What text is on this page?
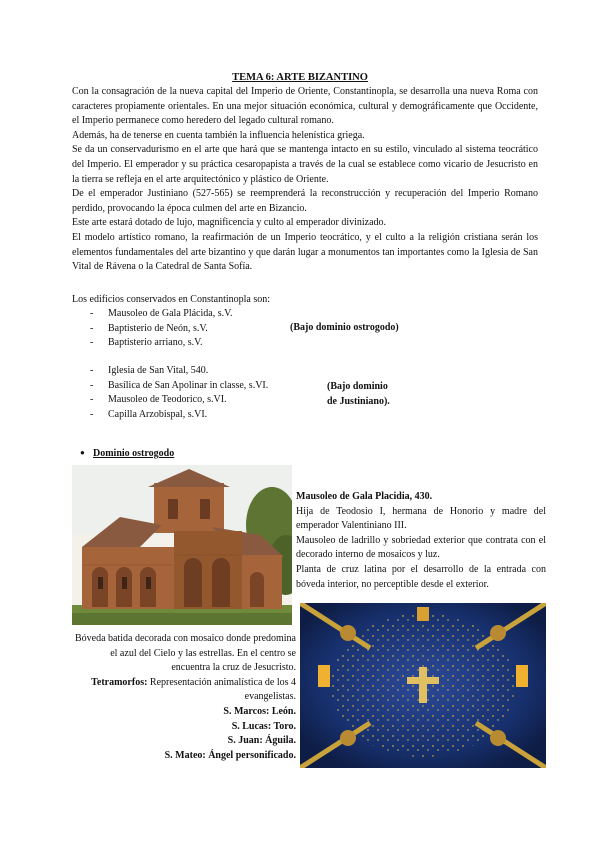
TEMA 6: ARTE BIZANTINO

Con la consagración de la nueva capital del Imperio de Oriente, Constantinopla, se desarrolla una nueva Roma con caracteres propiamente orientales. En una mejor situación económica, cultural y demográficamente que Occidente, el Imperio permanece como heredero del legado cultural romano.

Además, ha de tenerse en cuenta también la influencia helenística griega.

Se da un conservadurismo en el arte que hará que se mantenga intacto en su estilo, vinculado al sistema teocrático del Imperio. El emperador y su práctica cesaropapista a través de la cual se establece como vicario de Jesucristo en la tierra se refleja en el arte arquitectónico y plástico de Oriente.

De el emperador Justiniano (527-565) se reemprenderá la reconstrucción y recuperación del Imperio Romano perdido, provocando la época culmen del arte en Bizancio.

Este arte estará dotado de lujo, magnificencia y culto al emperador divinizado.

El modelo artístico romano, la reafirmación de un Imperio teocrático, y el culto a la religión cristiana serán los elementos fundamentales del arte bizantino y que darán lugar a monumentos tan importantes como la Iglesia de San Vital de Rávena o la Catedral de Santa Sofía.

Los edificios conservados en Constantinopla son:
- Mausoleo de Gala Plácida, s.V.
- Baptisterio de Neón, s.V.
- Baptisterio arriano, s.V.
(Bajo dominio ostrogodo)
- Iglesia de San Vital, 540.
- Basílica de San Apolinar in classe, s.VI.
- Mausoleo de Teodorico, s.VI.
- Capilla Arzobispal, s.VI.
(Bajo dominio
de Justiniano).
● Dominio ostrogodo
Mausoleo de Gala Placidia, 430.
Hija de Teodosio I, hermana de Honorio y madre del emperador Valentiniano III.
Mausoleo de ladrillo y sobriedad exterior que contrata con el decorado interno de mosaicos y luz.
Planta de cruz latina por el desarrollo de la entrada con bóveda interior, no perceptible desde el exterior.
Bóveda batida decorada con mosaico donde predomina el azul del Cielo y las estrellas. En el centro se encuentra la cruz de Jesucristo.
Tetramorfos: Representación animalística de los 4 evangelistas.
S. Marcos: León.
S. Lucas: Toro.
S. Juan: Águila.
S. Mateo: Ángel personificado.
